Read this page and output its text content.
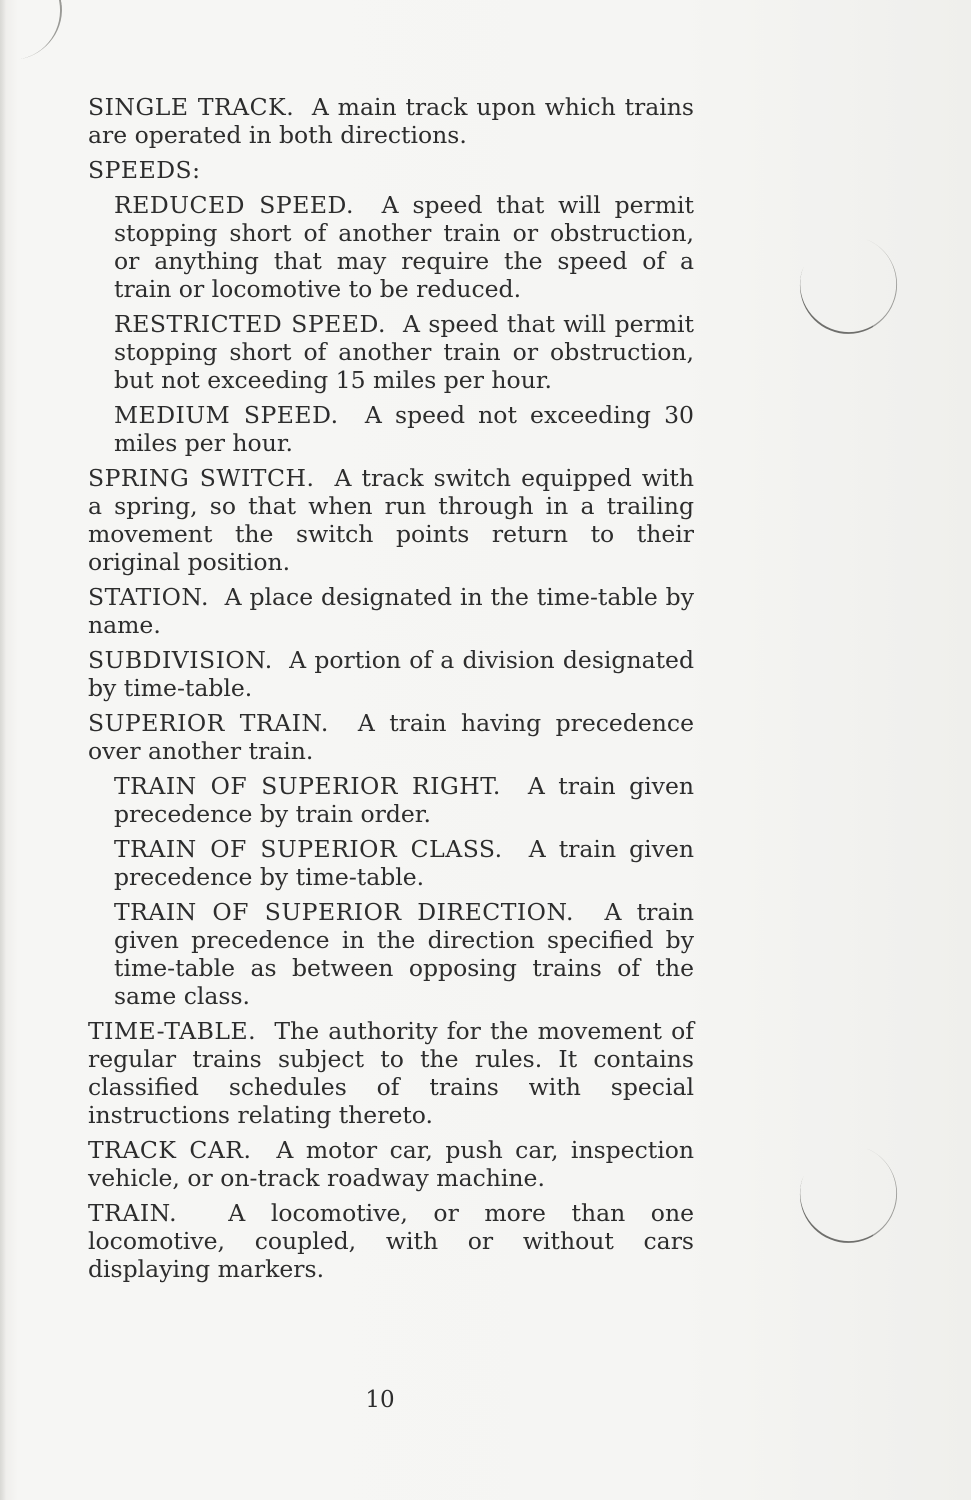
SINGLE TRACK. A main track upon which trains are operated in both directions.

SPEEDS:

REDUCED SPEED. A speed that will permit stopping short of another train or obstruction, or anything that may require the speed of a train or locomotive to be reduced.

RESTRICTED SPEED. A speed that will permit stopping short of another train or obstruction, but not exceeding 15 miles per hour.

MEDIUM SPEED. A speed not exceeding 30 miles per hour.

SPRING SWITCH. A track switch equipped with a spring, so that when run through in a trailing movement the switch points return to their original position.

STATION. A place designated in the time-table by name.

SUBDIVISION. A portion of a division designated by time-table.

SUPERIOR TRAIN. A train having precedence over another train.

TRAIN OF SUPERIOR RIGHT. A train given precedence by train order.

TRAIN OF SUPERIOR CLASS. A train given precedence by time-table.

TRAIN OF SUPERIOR DIRECTION. A train given precedence in the direction specified by time-table as between opposing trains of the same class.

TIME-TABLE. The authority for the movement of regular trains subject to the rules. It contains classified schedules of trains with special instructions relating thereto.

TRACK CAR. A motor car, push car, inspection vehicle, or on-track roadway machine.

TRAIN. A locomotive, or more than one locomotive, coupled, with or without cars displaying markers.

10
